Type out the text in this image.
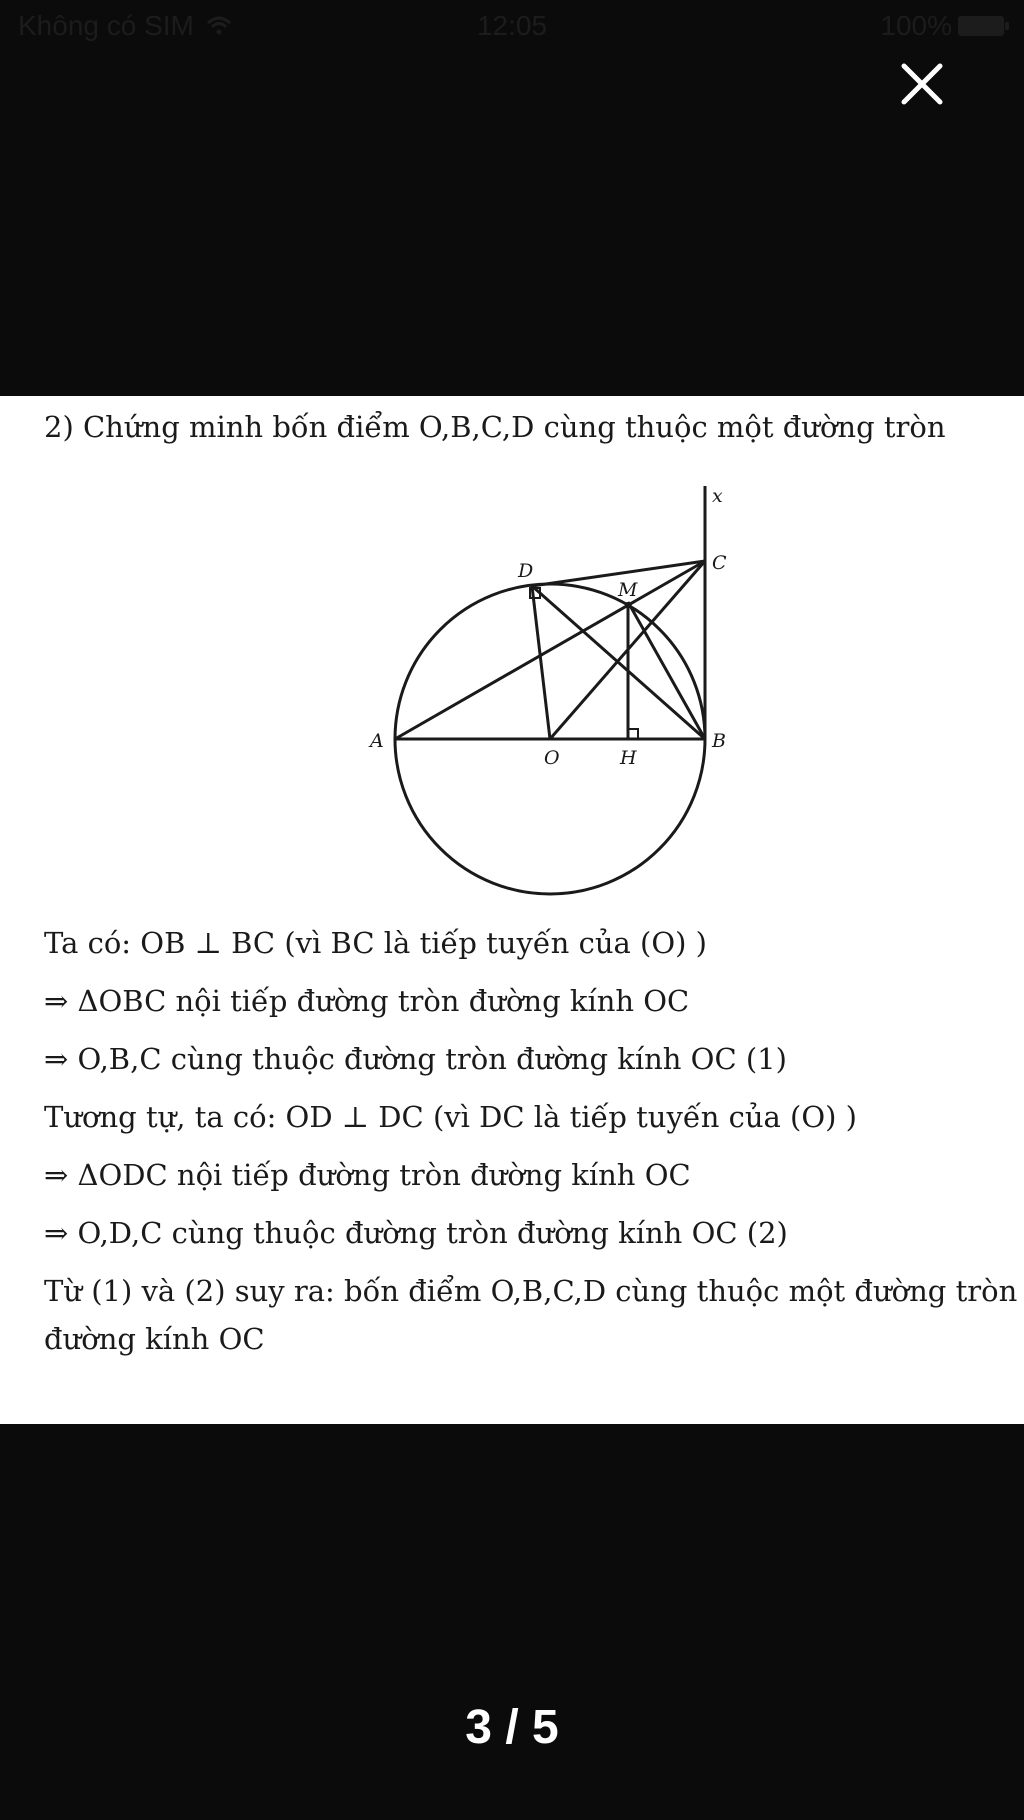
Không có SIM	12:05	100%
2) Chứng minh bốn điểm O,B,C,D cùng thuộc một đường tròn
x
C
D
M
A
O	H
B
Ta có: OB ⊥ BC (vì BC là tiếp tuyến của (O) )
⇒ ΔOBC nội tiếp đường tròn đường kính OC
⇒ O,B,C cùng thuộc đường tròn đường kính OC (1)
Tương tự, ta có: OD ⊥ DC (vì DC là tiếp tuyến của (O) )
⇒ ΔODC nội tiếp đường tròn đường kính OC
⇒ O,D,C cùng thuộc đường tròn đường kính OC (2)
Từ (1) và (2) suy ra: bốn điểm O,B,C,D cùng thuộc một đường tròn
đường kính OC
3 / 5
